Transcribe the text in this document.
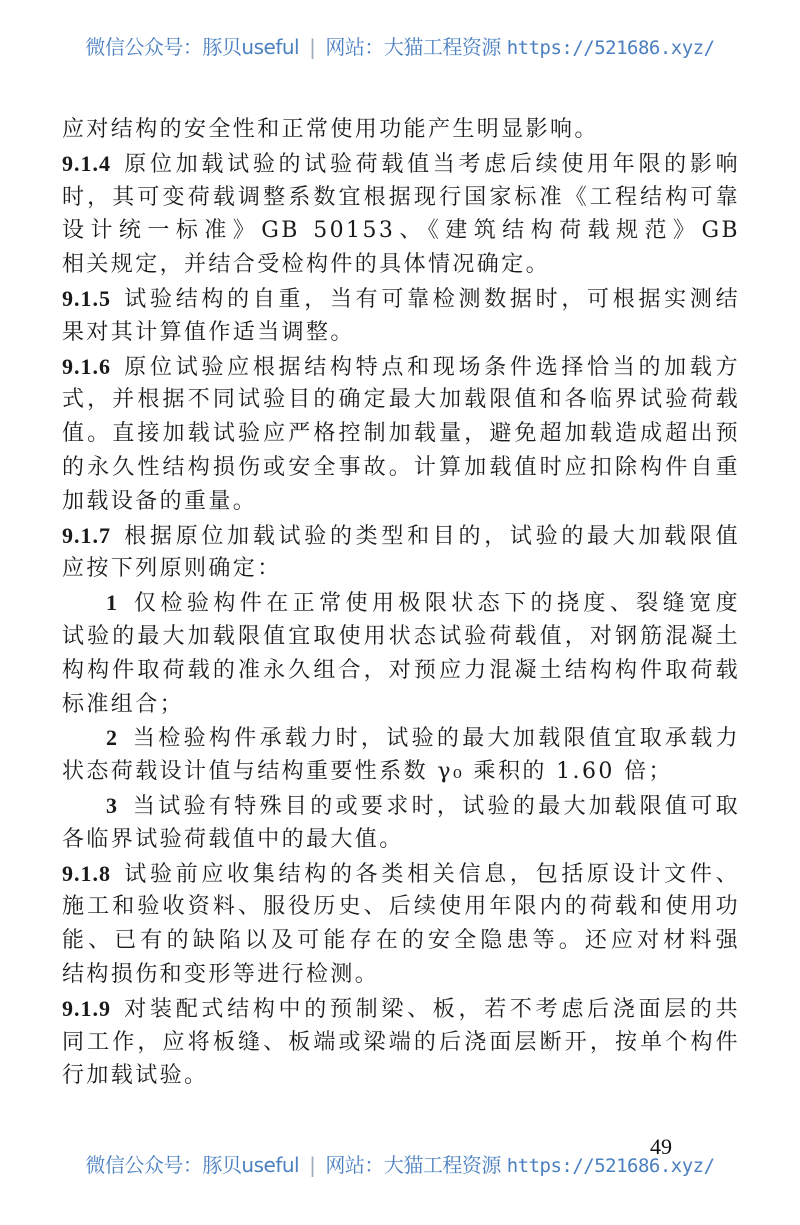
微信公众号：豚贝useful | 网站：大猫工程资源 https://521686.xyz/
应对结构的安全性和正常使用功能产生明显影响。
9.1.4 原位加载试验的试验荷载值当考虑后续使用年限的影响
时，其可变荷载调整系数宜根据现行国家标准《工程结构可靠
设计统一标准》GB 50153、《建筑结构荷载规范》GB
相关规定，并结合受检构件的具体情况确定。
9.1.5 试验结构的自重，当有可靠检测数据时，可根据实测结
果对其计算值作适当调整。
9.1.6 原位试验应根据结构特点和现场条件选择恰当的加载方
式，并根据不同试验目的确定最大加载限值和各临界试验荷载
值。直接加载试验应严格控制加载量，避免超加载造成超出预
的永久性结构损伤或安全事故。计算加载值时应扣除构件自重
加载设备的重量。
9.1.7 根据原位加载试验的类型和目的，试验的最大加载限值
应按下列原则确定：
1 仅检验构件在正常使用极限状态下的挠度、裂缝宽度
试验的最大加载限值宜取使用状态试验荷载值，对钢筋混凝土
构构件取荷载的准永久组合，对预应力混凝土结构构件取荷载
标准组合；
2 当检验构件承载力时，试验的最大加载限值宜取承载力
状态荷载设计值与结构重要性系数 γ₀ 乘积的 1.60 倍；
3 当试验有特殊目的或要求时，试验的最大加载限值可取
各临界试验荷载值中的最大值。
9.1.8 试验前应收集结构的各类相关信息，包括原设计文件、
施工和验收资料、服役历史、后续使用年限内的荷载和使用功
能、已有的缺陷以及可能存在的安全隐患等。还应对材料强
结构损伤和变形等进行检测。
9.1.9 对装配式结构中的预制梁、板，若不考虑后浇面层的共
同工作，应将板缝、板端或梁端的后浇面层断开，按单个构件
行加载试验。
49
微信公众号：豚贝useful | 网站：大猫工程资源 https://521686.xyz/
